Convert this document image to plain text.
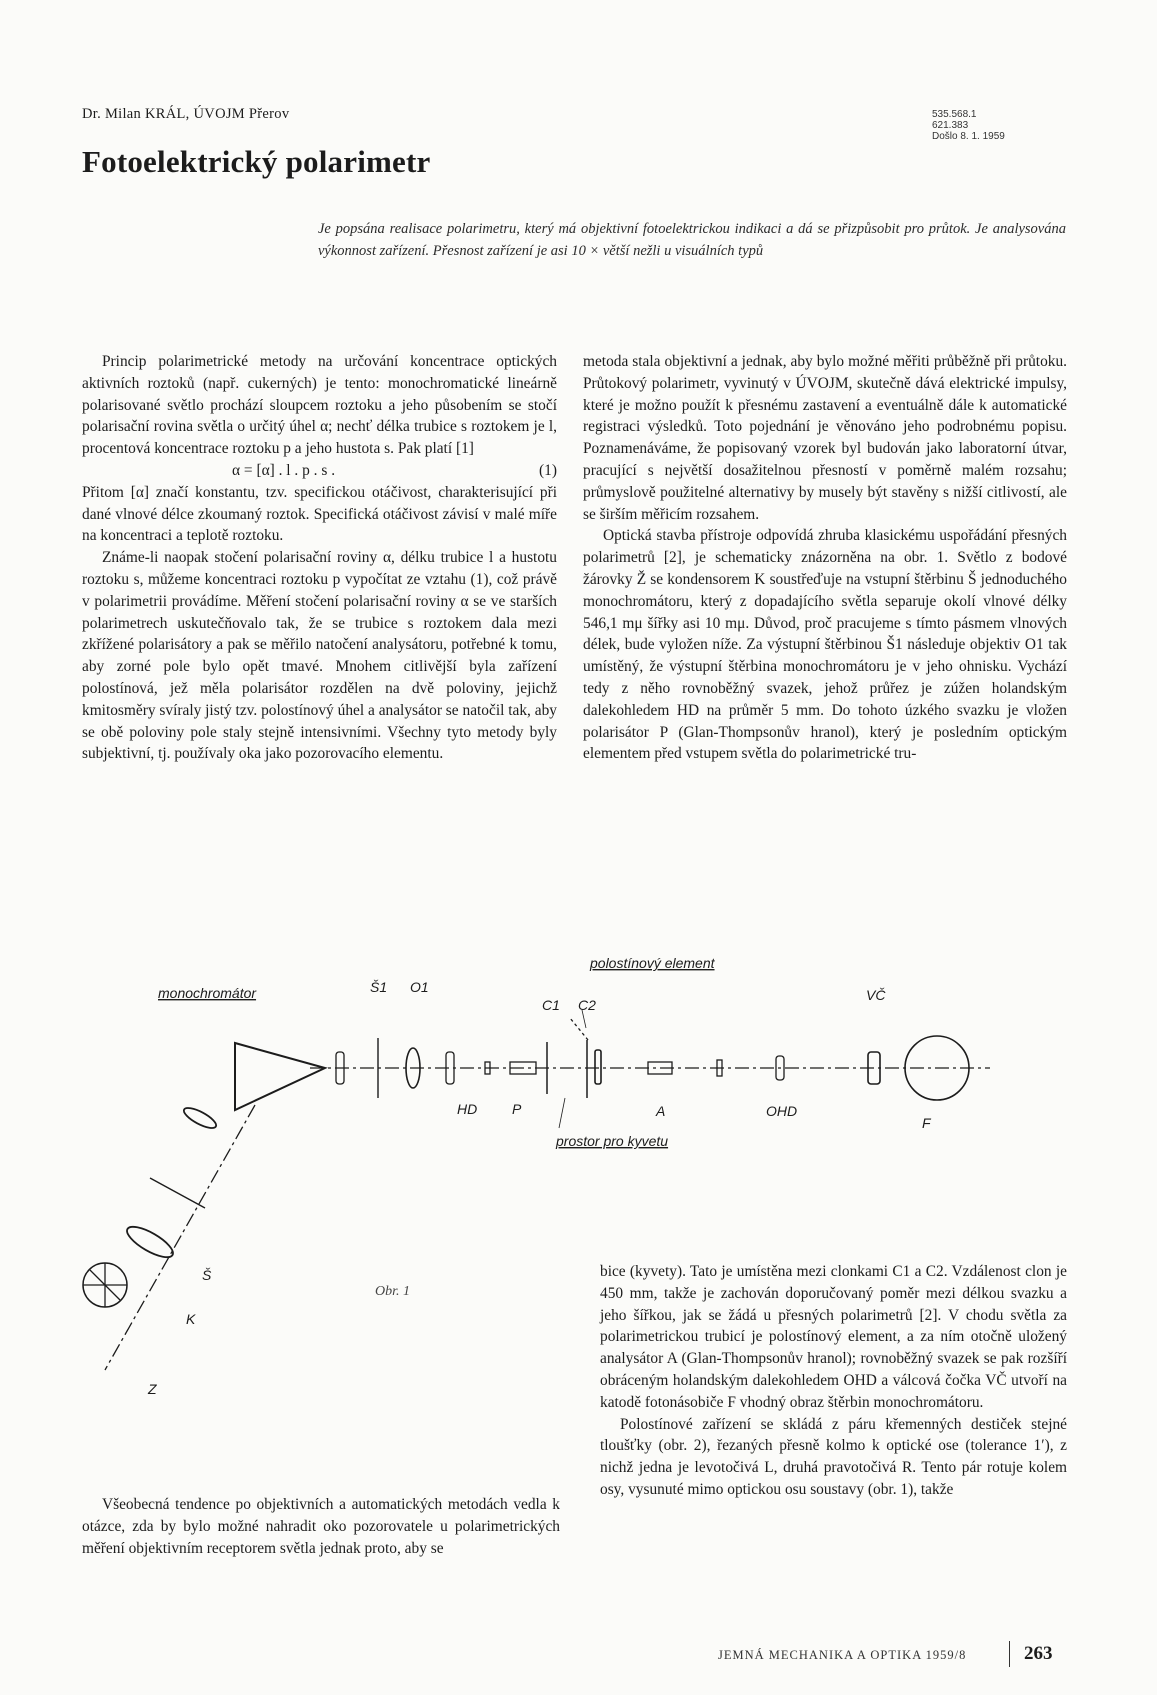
Dr. Milan KRÁL, ÚVOJM Přerov	535.568.1
621.383
Došlo 8. 1. 1959
Fotoelektrický polarimetr
Je popsána realisace polarimetru, který má objektivní fotoelektrickou indikaci a dá se přizpůsobit pro průtok. Je analysována výkonnost zařízení. Přesnost zařízení je asi 10 × větší nežli u visuálních typů

Princip polarimetrické metody na určování koncentrace optických aktivních roztoků (např. cukerných) je tento: monochromatické lineárně polarisované světlo prochází sloupcem roztoku a jeho působením se stočí polarisační rovina světla o určitý úhel α; nechť délka trubice s roztokem je l, procentová koncentrace roztoku p a jeho hustota s. Pak platí [1]

α = [α] . l . p . s .	(1)

Přitom [α] značí konstantu, tzv. specifickou otáčivost, charakterisující při dané vlnové délce zkoumaný roztok. Specifická otáčivost závisí v malé míře na koncentraci a teplotě roztoku.

Známe-li naopak stočení polarisační roviny α, délku trubice l a hustotu roztoku s, můžeme koncentraci roztoku p vypočítat ze vztahu (1), což právě v polarimetrii provádíme. Měření stočení polarisační roviny α se ve starších polarimetrech uskutečňovalo tak, že se trubice s roztokem dala mezi zkřížené polarisátory a pak se měřilo natočení analysátoru, potřebné k tomu, aby zorné pole bylo opět tmavé. Mnohem citlivější byla zařízení polostínová, jež měla polarisátor rozdělen na dvě poloviny, jejichž kmitosměry svíraly jistý tzv. polostínový úhel a analysátor se natočil tak, aby se obě poloviny pole staly stejně intensivními. Všechny tyto metody byly subjektivní, tj. používaly oka jako pozorovacího elementu.

metoda stala objektivní a jednak, aby bylo možné měřiti průběžně při průtoku. Průtokový polarimetr, vyvinutý v ÚVOJM, skutečně dává elektrické impulsy, které je možno použít k přesnému zastavení a eventuálně dále k automatické registraci výsledků. Toto pojednání je věnováno jeho podrobnému popisu. Poznamenáváme, že popisovaný vzorek byl budován jako laboratorní útvar, pracující s největší dosažitelnou přesností v poměrně malém rozsahu; průmyslově použitelné alternativy by musely být stavěny s nižší citlivostí, ale se širším měřicím rozsahem.

Optická stavba přístroje odpovídá zhruba klasickému uspořádání přesných polarimetrů [2], je schematicky znázorněna na obr. 1. Světlo z bodové žárovky Ž se kondensorem K soustřeďuje na vstupní štěrbinu Š jednoduchého monochromátoru, který z dopadajícího světla separuje okolí vlnové délky 546,1 mμ šířky asi 10 mμ. Důvod, proč pracujeme s tímto pásmem vlnových délek, bude vyložen níže. Za výstupní štěrbinou Š1 následuje objektiv O1 tak umístěný, že výstupní štěrbina monochromátoru je v jeho ohnisku. Vychází tedy z něho rovnoběžný svazek, jehož průřez je zúžen holandským dalekohledem HD na průměr 5 mm. Do tohoto úzkého svazku je vložen polarisátor P (Glan-Thompsonův hranol), který je posledním optickým elementem před vstupem světla do polarimetrické tru-

monochromátor	Š1 O1
HD P
C1 C2
polostínový element
prostor pro kyvetu
A	OHD
VČ
F
Š
K
Z
Obr. 1

bice (kyvety). Tato je umístěna mezi clonkami C1 a C2. Vzdálenost clon je 450 mm, takže je zachován doporučovaný poměr mezi délkou svazku a jeho šířkou, jak se žádá u přesných polarimetrů [2]. V chodu světla za polarimetrickou trubicí je polostínový element, a za ním otočně uložený analysátor A (Glan-Thompsonův hranol); rovnoběžný svazek se pak rozšíří obráceným holandským dalekohledem OHD a válcová čočka VČ utvoří na katodě fotonásobiče F vhodný obraz štěrbin monochromátoru.

Polostínové zařízení se skládá z páru křemenných destiček stejné tloušťky (obr. 2), řezaných přesně kolmo k optické ose (tolerance 1′), z nichž jedna je levotočivá L, druhá pravotočivá R. Tento pár rotuje kolem osy, vysunuté mimo optickou osu soustavy (obr. 1), takže

Všeobecná tendence po objektivních a automatických metodách vedla k otázce, zda by bylo možné nahradit oko pozorovatele u polarimetrických měření objektivním receptorem světla jednak proto, aby se

JEMNÁ MECHANIKA A OPTIKA 1959/8	263
